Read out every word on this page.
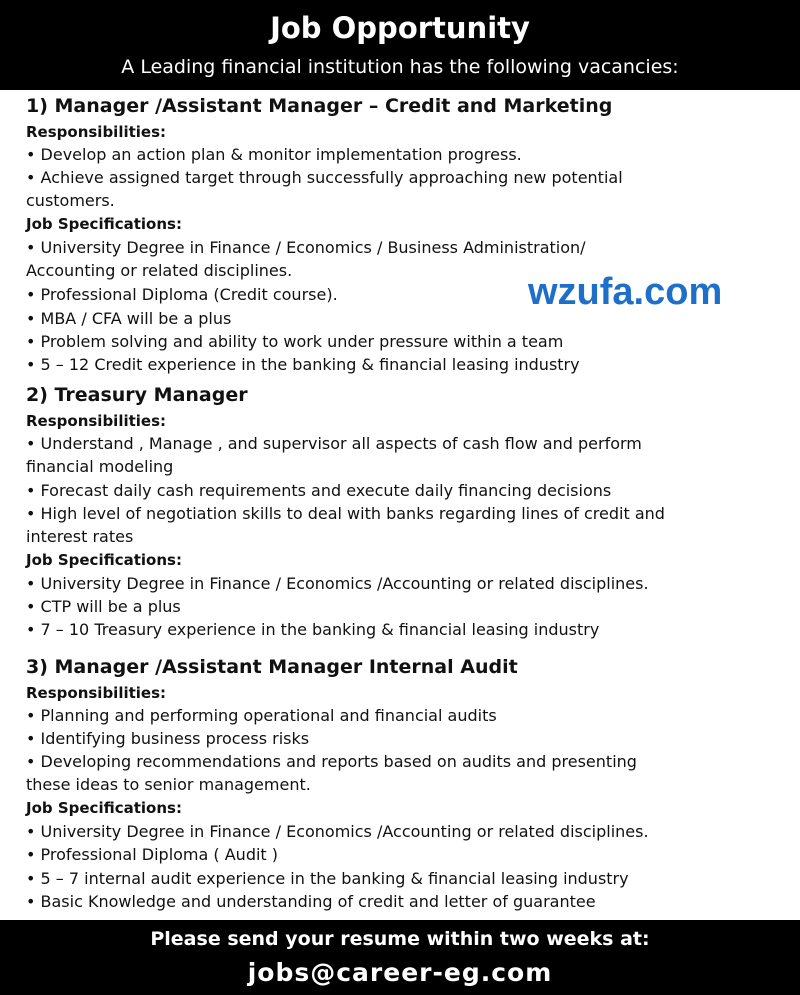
Job Opportunity
A Leading financial institution has the following vacancies:
1) Manager /Assistant Manager – Credit and Marketing
Responsibilities:
• Develop an action plan & monitor implementation progress.
• Achieve assigned target through successfully approaching new potential
customers.
Job Specifications:
• University Degree in Finance / Economics / Business Administration/
Accounting or related disciplines.
• Professional Diploma (Credit course).
• MBA / CFA will be a plus
• Problem solving and ability to work under pressure within a team
• 5 – 12 Credit experience in the banking & financial leasing industry
2) Treasury Manager
Responsibilities:
• Understand , Manage , and supervisor all aspects of cash flow and perform
financial modeling
• Forecast daily cash requirements and execute daily financing decisions
• High level of negotiation skills to deal with banks regarding lines of credit and
interest rates
Job Specifications:
• University Degree in Finance / Economics /Accounting or related disciplines.
• CTP will be a plus
• 7 – 10 Treasury experience in the banking & financial leasing industry
3) Manager /Assistant Manager Internal Audit
Responsibilities:
• Planning and performing operational and financial audits
• Identifying business process risks
• Developing recommendations and reports based on audits and presenting
these ideas to senior management.
Job Specifications:
• University Degree in Finance / Economics /Accounting or related disciplines.
• Professional Diploma ( Audit )
• 5 – 7 internal audit experience in the banking & financial leasing industry
• Basic Knowledge and understanding of credit and letter of guarantee
wzufa.com
Please send your resume within two weeks at:
jobs@career-eg.com
